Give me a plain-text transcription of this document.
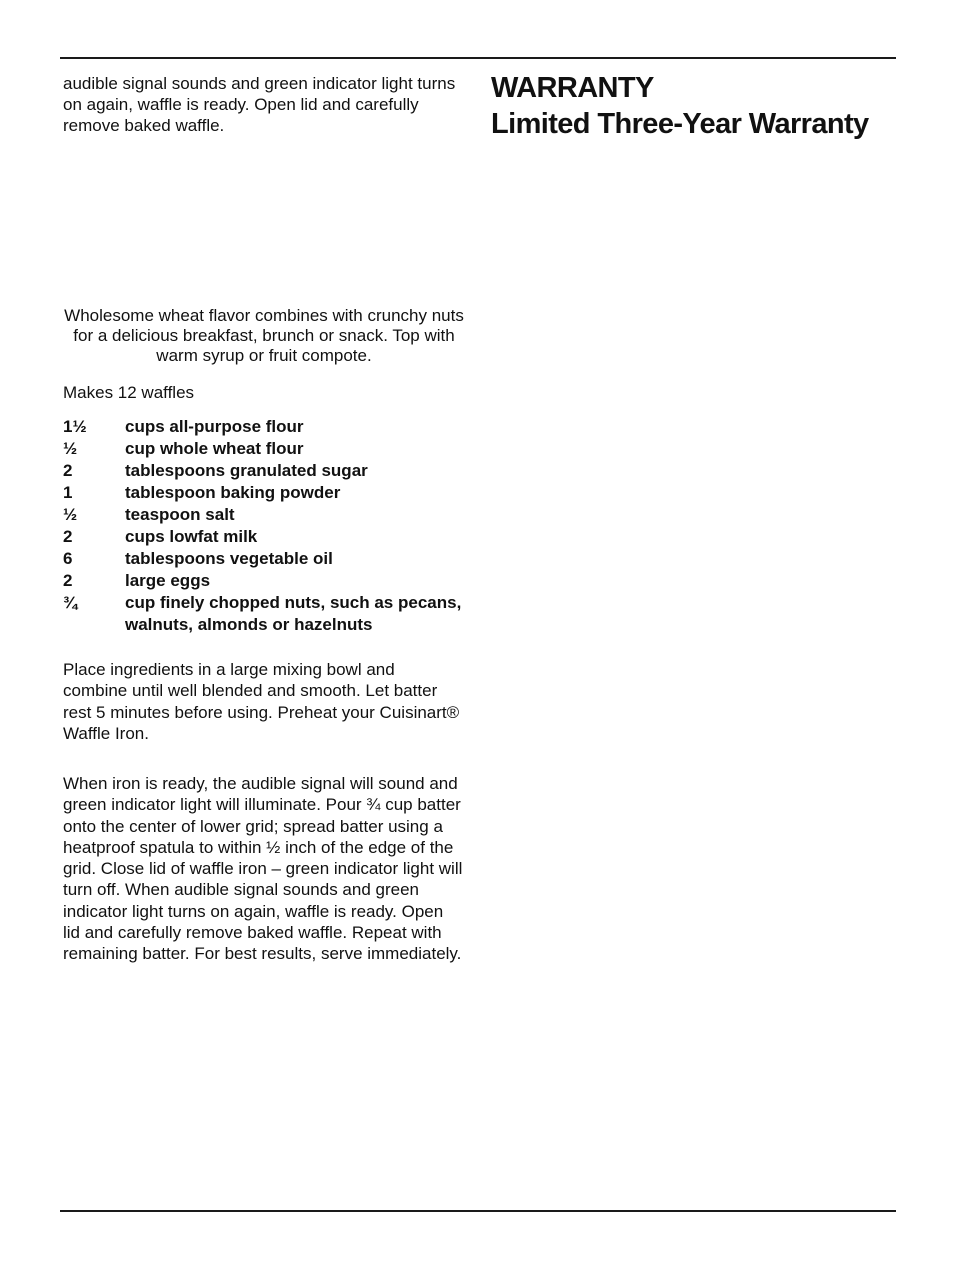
audible signal sounds and green indicator light turns on again, waffle is ready. Open lid and carefully remove baked waffle.

Wholesome wheat flavor combines with crunchy nuts for a delicious breakfast, brunch or snack. Top with warm syrup or fruit compote.

Makes 12 waffles

1½	cups all-purpose flour
½	cup whole wheat flour
2	tablespoons granulated sugar
1	tablespoon baking powder
½	teaspoon salt
2	cups lowfat milk
6	tablespoons vegetable oil
2	large eggs
¾	cup finely chopped nuts, such as pecans, walnuts, almonds or hazelnuts

Place ingredients in a large mixing bowl and combine until well blended and smooth. Let batter rest 5 minutes before using. Preheat your Cuisinart® Waffle Iron.

When iron is ready, the audible signal will sound and green indicator light will illuminate. Pour ¾ cup batter onto the center of lower grid; spread batter using a heatproof spatula to within ½ inch of the edge of the grid. Close lid of waffle iron – green indicator light will turn off. When audible signal sounds and green indicator light turns on again, waffle is ready. Open lid and carefully remove baked waffle. Repeat with remaining batter. For best results, serve immediately.

WARRANTY
Limited Three-Year Warranty
